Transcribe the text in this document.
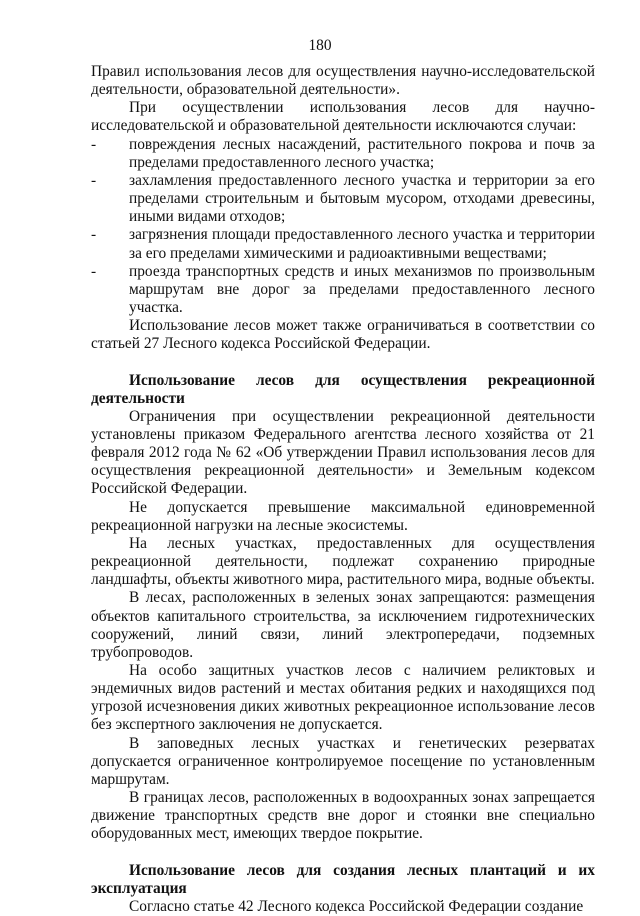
180

Правил использования лесов для осуществления научно-исследовательской деятельности, образовательной деятельности».

При осуществлении использования лесов для научно-исследовательской и образовательной деятельности исключаются случаи:

-	повреждения лесных насаждений, растительного покрова и почв за пределами предоставленного лесного участка;
-	захламления предоставленного лесного участка и территории за его пределами строительным и бытовым мусором, отходами древесины, иными видами отходов;
-	загрязнения площади предоставленного лесного участка и территории за его пределами химическими и радиоактивными веществами;
-	проезда транспортных средств и иных механизмов по произвольным маршрутам вне дорог за пределами предоставленного лесного участка.

Использование лесов может также ограничиваться в соответствии со статьей 27 Лесного кодекса Российской Федерации.

Использование лесов для осуществления рекреационной деятельности

Ограничения при осуществлении рекреационной деятельности установлены приказом Федерального агентства лесного хозяйства от 21 февраля 2012 года № 62 «Об утверждении Правил использования лесов для осуществления рекреационной деятельности» и Земельным кодексом Российской Федерации.

Не допускается превышение максимальной единовременной рекреационной нагрузки на лесные экосистемы.

На лесных участках, предоставленных для осуществления рекреационной деятельности, подлежат сохранению природные ландшафты, объекты животного мира, растительного мира, водные объекты.

В лесах, расположенных в зеленых зонах запрещаются: размещения объектов капитального строительства, за исключением гидротехнических сооружений, линий связи, линий электропередачи, подземных трубопроводов.

На особо защитных участков лесов с наличием реликтовых и эндемичных видов растений и местах обитания редких и находящихся под угрозой исчезновения диких животных рекреационное использование лесов без экспертного заключения не допускается.

В заповедных лесных участках и генетических резерватах допускается ограниченное контролируемое посещение по установленным маршрутам.

В границах лесов, расположенных в водоохранных зонах запрещается движение транспортных средств вне дорог и стоянки вне специально оборудованных мест, имеющих твердое покрытие.

Использование лесов для создания лесных плантаций и их эксплуатация

Согласно статье 42 Лесного кодекса Российской Федерации создание
